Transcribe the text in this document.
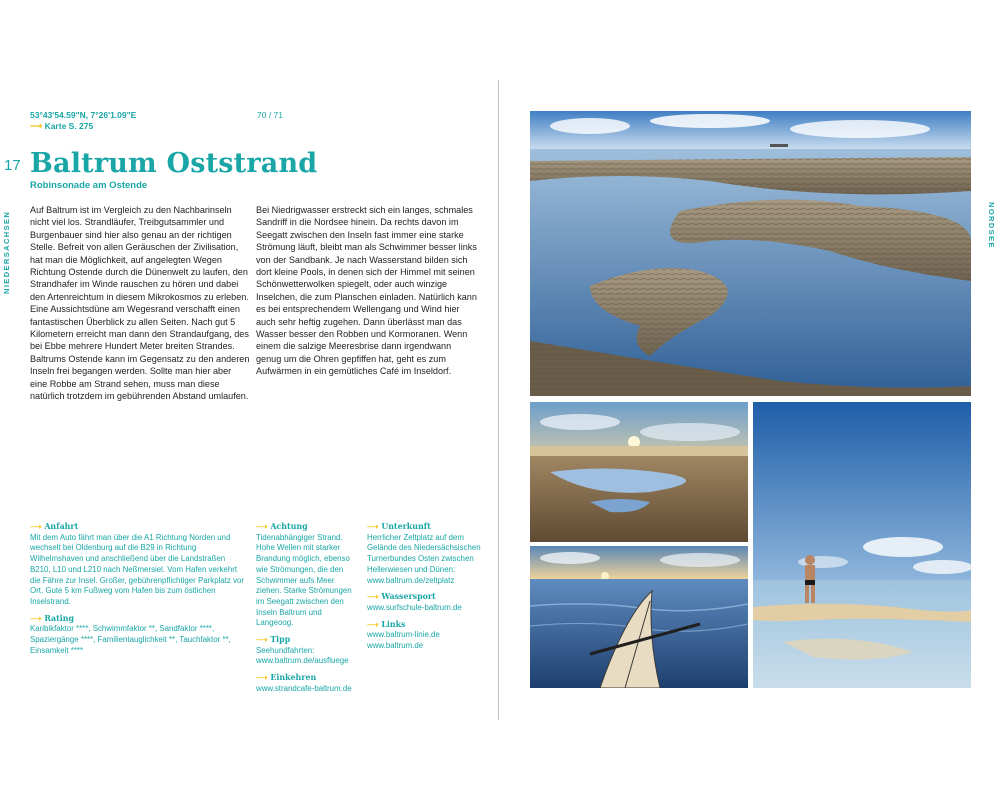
53°43'54.59"N, 7°26'1.09"E
⟶ Karte S. 275
70 / 71
17 Baltrum Oststrand
Robinsonade am Ostende
NIEDERSACHSEN	NORDSEE

Auf Baltrum ist im Vergleich zu den Nachbarinseln nicht viel los. Strandläufer, Treibgutsammler und Burgenbauer sind hier also genau an der richtigen Stelle. Befreit von allen Geräuschen der Zivilisation, hat man die Möglichkeit, auf angelegten Wegen Richtung Ostende durch die Dünenwelt zu laufen, den Strandhafer im Winde rauschen zu hören und dabei den Artenreichtum in diesem Mikrokosmos zu erleben. Eine Aussichtsdüne am Wegesrand verschafft einen fantastischen Überblick zu allen Seiten. Nach gut 5 Kilometern erreicht man dann den Strandaufgang, des bei Ebbe mehrere Hundert Meter breiten Strandes. Baltrums Ostende kann im Gegensatz zu den anderen Inseln frei begangen werden. Sollte man hier aber eine Robbe am Strand sehen, muss man diese natürlich trotzdem im gebührenden Abstand umlaufen.

Bei Niedrigwasser erstreckt sich ein langes, schmales Sandriff in die Nordsee hinein. Da rechts davon im Seegatt zwischen den Inseln fast immer eine starke Strömung läuft, bleibt man als Schwimmer besser links von der Sandbank. Je nach Wasserstand bilden sich dort kleine Pools, in denen sich der Himmel mit seinen Schönwetterwolken spiegelt, oder auch winzige Inselchen, die zum Planschen einladen. Natürlich kann es bei entsprechendem Wellengang und Wind hier auch sehr heftig zugehen. Dann überlässt man das Wasser besser den Robben und Kormoranen. Wenn einem die salzige Meeresbrise dann irgendwann genug um die Ohren gepfiffen hat, geht es zum Aufwärmen in ein gemütliches Café im Inseldorf.

⟶ Anfahrt
Mit dem Auto fährt man über die A1 Richtung Norden und wechselt bei Oldenburg auf die B29 in Richtung Wilhelmshaven und anschließend über die Landstraßen B210, L10 und L210 nach Neßmersiel. Vom Hafen verkehrt die Fähre zur Insel. Großer, gebührenpflichtiger Parkplatz vor Ort. Gute 5 km Fußweg vom Hafen bis zum östlichen Inselstrand.
⟶ Rating
Karibikfaktor ****, Schwimmfaktor **, Sandfaktor ****, Spaziergänge ****, Familientauglichkeit **, Tauchfaktor **, Einsamkeit ****
⟶ Achtung
Tidenabhängiger Strand. Hohe Wellen mit starker Brandung möglich, ebenso wie Strömungen, die den Schwimmer aufs Meer ziehen. Starke Strömungen im Seegatt zwischen den Inseln Baltrum und Langeoog.
⟶ Tipp
Seehundfahrten: www.baltrum.de/ausfluege
⟶ Einkehren
www.strandcafe-baltrum.de
⟶ Unterkunft
Herrlicher Zeltplatz auf dem Gelände des Niedersächsischen Turnerbundes Osten zwischen Hellerwiesen und Dünen: www.baltrum.de/zeltplatz
⟶ Wassersport
www.surfschule-baltrum.de
⟶ Links
www.baltrum-linie.de www.baltrum.de
